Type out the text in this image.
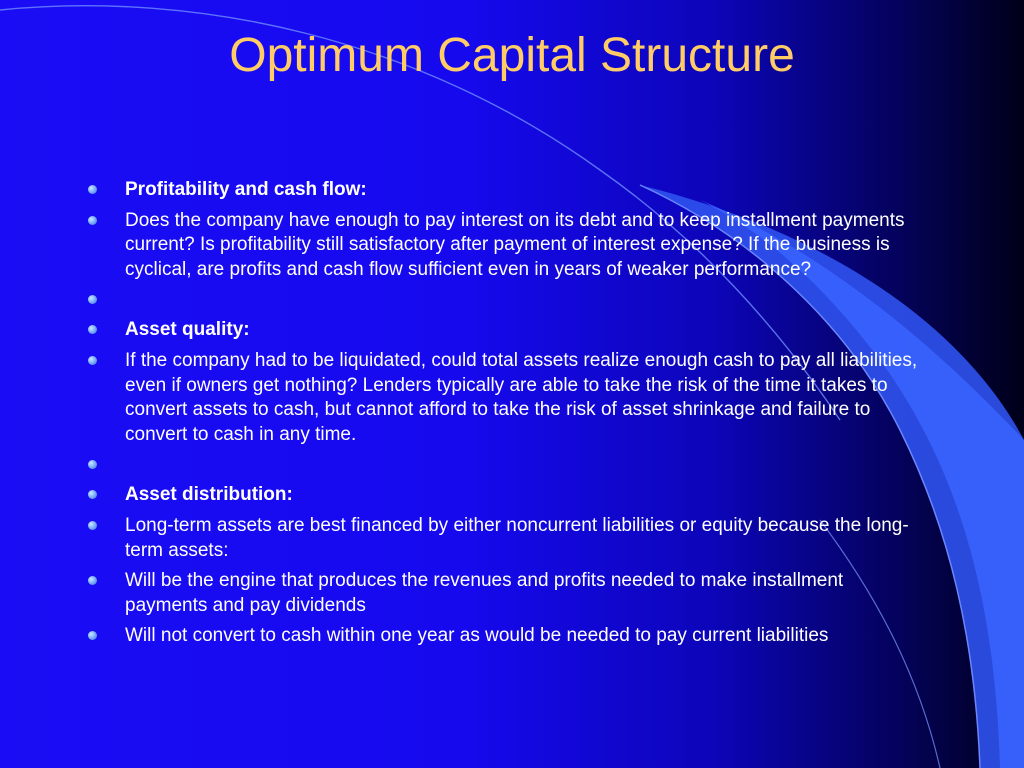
Optimum Capital Structure
Profitability and cash flow:
Does the company have enough to pay interest on its debt and to keep installment payments current? Is profitability still satisfactory after payment of interest expense? If the business is cyclical, are profits and cash flow sufficient even in years of weaker performance?
Asset quality:
If the company had to be liquidated, could total assets realize enough cash to pay all liabilities, even if owners get nothing? Lenders typically are able to take the risk of the time it takes to convert assets to cash, but cannot afford to take the risk of asset shrinkage and failure to convert to cash in any time.
Asset distribution:
Long-term assets are best financed by either noncurrent liabilities or equity because the long-term assets:
Will be the engine that produces the revenues and profits needed to make installment payments and pay dividends
Will not convert to cash within one year as would be needed to pay current liabilities
